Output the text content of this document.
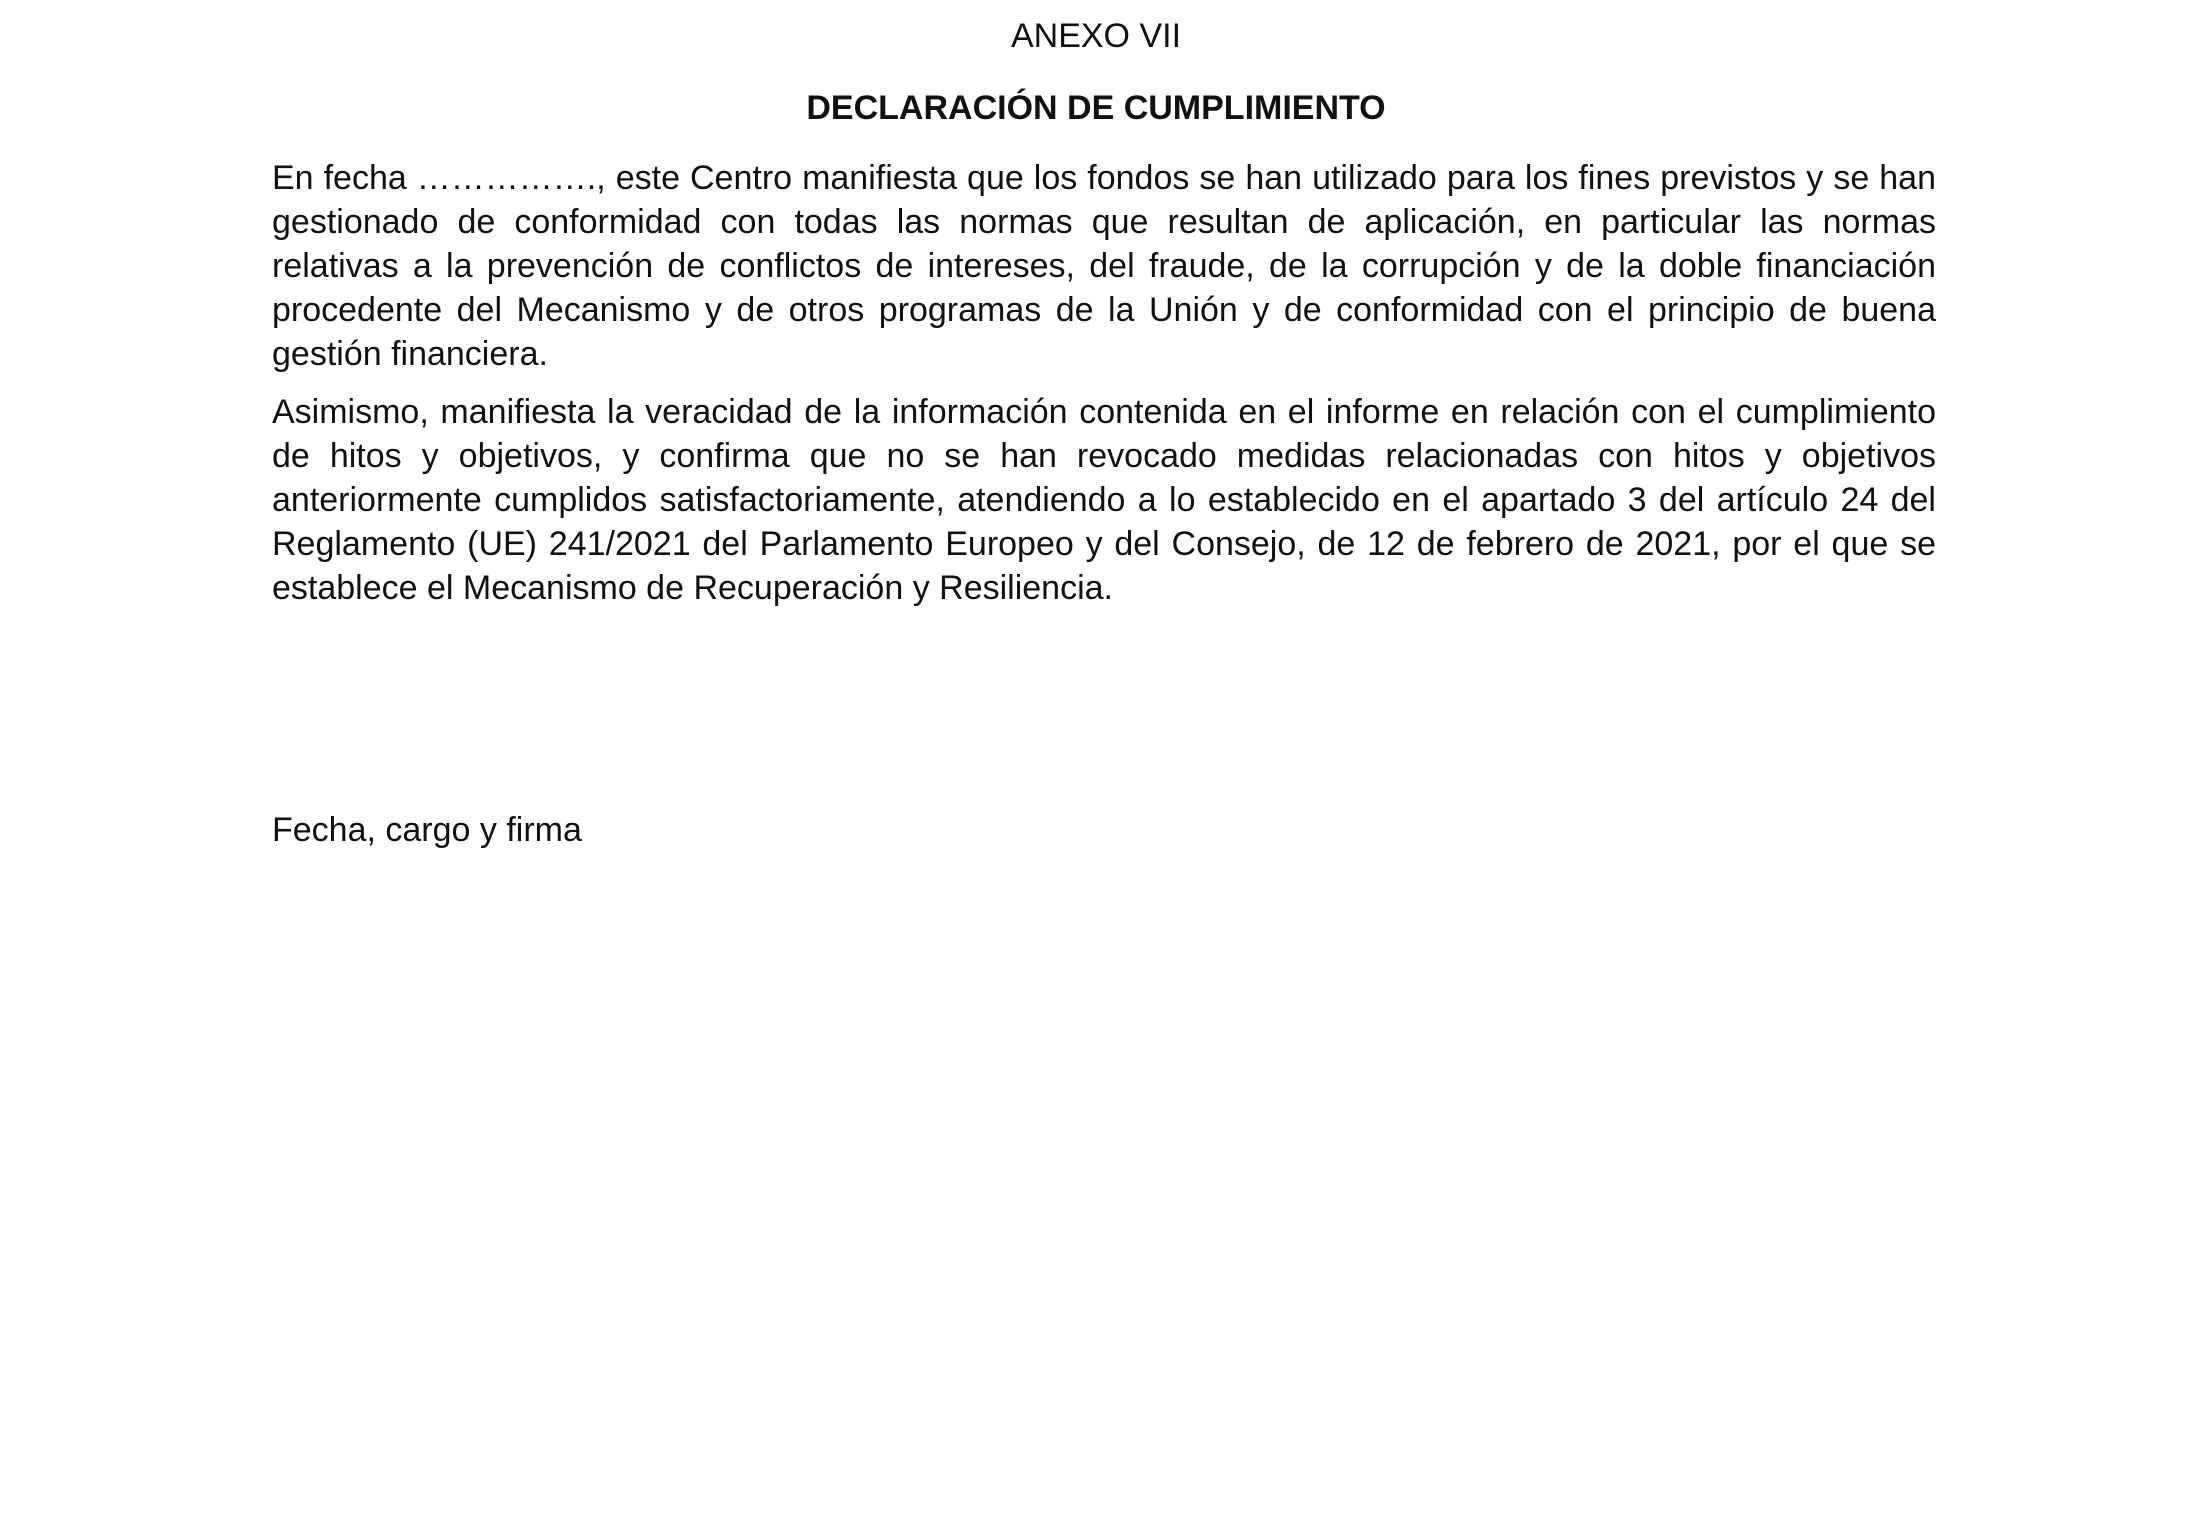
ANEXO VII
DECLARACIÓN DE CUMPLIMIENTO

En fecha ……………., este Centro manifiesta que los fondos se han utilizado para los fines previstos y se han gestionado de conformidad con todas las normas que resultan de aplicación, en particular las normas relativas a la prevención de conflictos de intereses, del fraude, de la corrupción y de la doble financiación procedente del Mecanismo y de otros programas de la Unión y de conformidad con el principio de buena gestión financiera.

Asimismo, manifiesta la veracidad de la información contenida en el informe en relación con el cumplimiento de hitos y objetivos, y confirma que no se han revocado medidas relacionadas con hitos y objetivos anteriormente cumplidos satisfactoriamente, atendiendo a lo establecido en el apartado 3 del artículo 24 del Reglamento (UE) 241/2021 del Parlamento Europeo y del Consejo, de 12 de febrero de 2021, por el que se establece el Mecanismo de Recuperación y Resiliencia.

Fecha, cargo y firma
